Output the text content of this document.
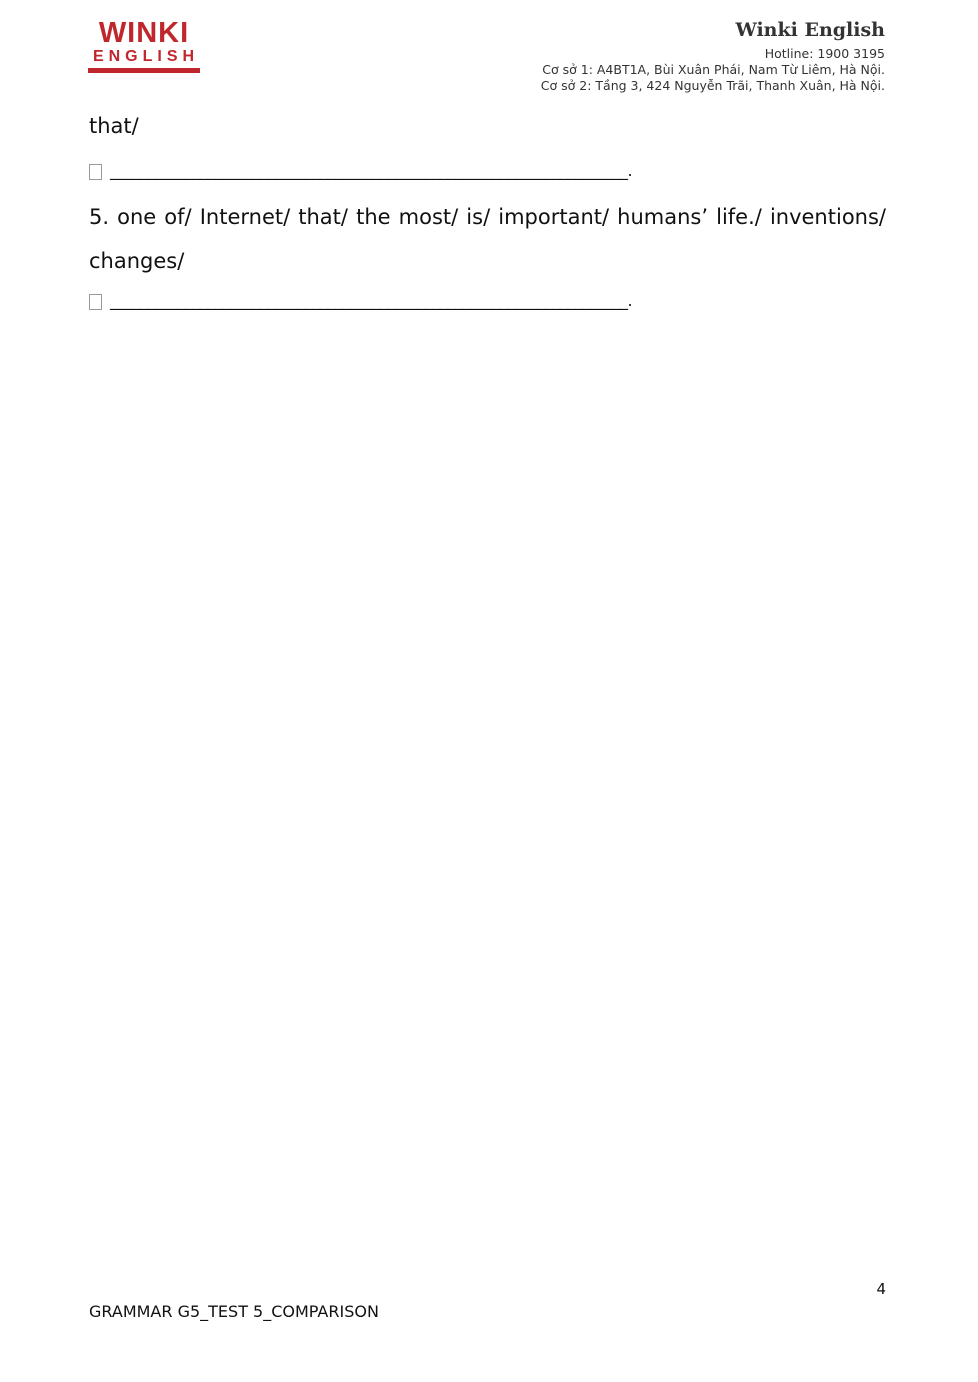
WINKI
ENGLISH
Winki English
Hotline: 1900 3195
Cơ sở 1: A4BT1A, Bùi Xuân Phái, Nam Từ Liêm, Hà Nội.
Cơ sở 2: Tầng 3, 424 Nguyễn Trãi, Thanh Xuân, Hà Nội.
that/
_____________________________________________________________________.
5. one of/ Internet/ that/ the most/ is/ important/ humans’ life./ inventions/ changes/
_____________________________________________________________________.
4
GRAMMAR G5_TEST 5_COMPARISON
